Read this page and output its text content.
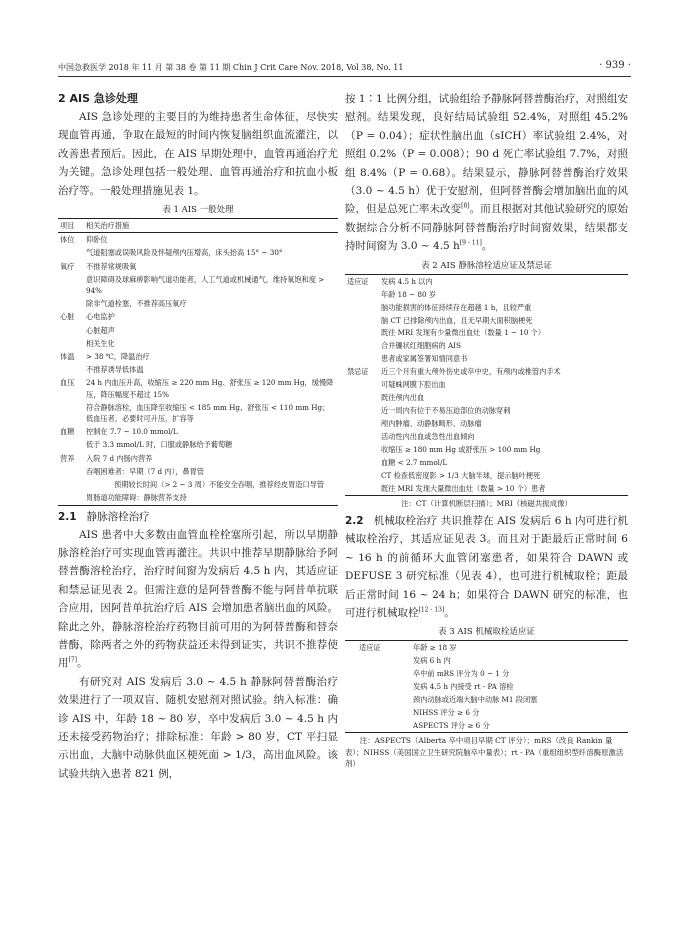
中国急救医学 2018 年 11 月 第 38 卷 第 11 期 Chin J Crit Care Nov. 2018, Vol 38, No. 11	· 939 ·
2 AIS 急诊处理

AIS 急诊处理的主要目的为维持患者生命体征，尽快实现血管再通，争取在最短的时间内恢复脑组织血流灌注，以改善患者预后。因此，在 AIS 早期处理中，血管再通治疗尤为关键。急诊处理包括一般处理、血管再通治疗和抗血小板治疗等。一般处理措施见表 1。

表 1 AIS 一般处理
项目	相关治疗措施
体位	仰卧位
	气道阻塞或误吸风险及怀疑颅内压增高，床头抬高 15° ~ 30°
氧疗	不推荐常规吸氧
	意识障碍及球麻痹影响气道功能者，人工气道或机械通气，维持氧饱和度 > 94%
	除非气道栓塞，不推荐高压氧疗
心脏	心电监护
	心脏超声
	相关生化
体温	> 38 ℃，降温治疗
	不推荐诱导低体温
血压	24 h 内血压升高，收缩压 ≥ 220 mm Hg、舒张压 ≥ 120 mm Hg，缓慢降压，降压幅度不超过 15%
	符合静脉溶栓，血压降至收缩压 < 185 mm Hg、舒张压 < 110 mm Hg；低血压者，必要时可升压、扩容等
血糖	控制在 7.7 ~ 10.0 mmol/L
	低于 3.3 mmol/L 时，口服或静脉给予葡萄糖
营养	入院 7 d 内肠内营养
	吞咽困难者：早期（7 d 内），鼻胃管
	预期较长时间（> 2 ~ 3 周）不能安全吞咽，推荐经皮胃造口导管
	胃肠道功能障碍：静脉营养支持
2.1 静脉溶栓治疗

AIS 患者中大多数由血管血栓栓塞所引起，所以早期静脉溶栓治疗可实现血管再灌注。共识中推荐早期静脉给予阿替普酶溶栓治疗，治疗时间窗为发病后 4.5 h 内，其适应证和禁忌证见表 2。但需注意的是阿替普酶不能与阿昔单抗联合应用，因阿昔单抗治疗后 AIS 会增加患者脑出血的风险。除此之外，静脉溶栓治疗药物目前可用的为阿替普酶和替奈普酶，除两者之外的药物获益还未得到证实，共识不推荐使用[7]。

有研究对 AIS 发病后 3.0 ~ 4.5 h 静脉阿替普酶治疗效果进行了一项双盲、随机安慰剂对照试验。纳入标准：确诊 AIS 中，年龄 18 ~ 80 岁，卒中发病后 3.0 ~ 4.5 h 内还未接受药物治疗；排除标准：年龄 > 80 岁，CT 平扫显示出血，大脑中动脉供血区梗死面 > 1/3，高出血风险。该试验共纳入患者 821 例，

按 1∶1 比例分组，试验组给予静脉阿替普酶治疗，对照组安慰剂。结果发现，良好结局试验组 52.4%，对照组 45.2%（P = 0.04）；症状性脑出血（sICH）率试验组 2.4%，对照组 0.2%（P = 0.008）；90 d 死亡率试验组 7.7%，对照组 8.4%（P = 0.68）。结果显示，静脉阿替普酶治疗效果（3.0 ~ 4.5 h）优于安慰剂，但阿替普酶会增加脑出血的风险，但是总死亡率未改变[8]。而且根据对其他试验研究的原始数据综合分析不同静脉阿替普酶治疗时间窗效果，结果都支持时间窗为 3.0 ~ 4.5 h[9 - 11]。

表 2 AIS 静脉溶栓适应证及禁忌证
适应证	发病 4.5 h 以内
	年龄 18 ~ 80 岁
	脑功能损害的体征持续存在超越 1 h，且较严重
	脑 CT 已排除颅内出血，且无早期大面积脑梗死
	既往 MRI 发现有少量微出血灶（数量 1 ~ 10 个）
	合并镰状红细胞病的 AIS
	患者或家属签署知情同意书
禁忌证	近三个月有重大颅外伤史或卒中史，有颅内或椎管内手术
	可疑蛛网膜下腔出血
	既往颅内出血
	近一周内有位于不易压迫部位的动脉穿刺
	颅内肿瘤、动静脉畸形、动脉瘤
	活动性内出血或急性出血倾向
	收缩压 ≥ 180 mm Hg 或舒张压 > 100 mm Hg
	血糖 < 2.7 mmol/L
	CT 检查低密度影 > 1/3 大脑半球，提示脑叶梗死
	既往 MRI 发现大量微出血灶（数量 > 10 个）患者
注：CT（计算机断层扫描）；MRI（核磁共振成像）
2.2 机械取栓治疗 共识推荐在 AIS 发病后 6 h 内可进行机械取栓治疗，其适应证见表 3。而且对于距最后正常时间 6 ~ 16 h 的前循环大血管闭塞患者，如果符合 DAWN 或 DEFUSE 3 研究标准（见表 4），也可进行机械取栓；距最后正常时间 16 ~ 24 h；如果符合 DAWN 研究的标准，也可进行机械取栓[12 - 13]。
表 3 AIS 机械取栓适应证
适应证	年龄 ≥ 18 岁
	发病 6 h 内
	卒中前 mRS 评分为 0 ~ 1 分
	发病 4.5 h 内接受 rt - PA 溶栓
	颈内动脉或近端大脑中动脉 M1 段闭塞
	NIHSS 评分 ≥ 6 分
	ASPECTS 评分 ≥ 6 分
注：ASPECTS（Alberta 卒中项目早期 CT 评分）；mRS（改良 Rankin 量表）；NIHSS（美国国立卫生研究院脑卒中量表）；rt - PA（重组组织型纤溶酶原激活剂）
